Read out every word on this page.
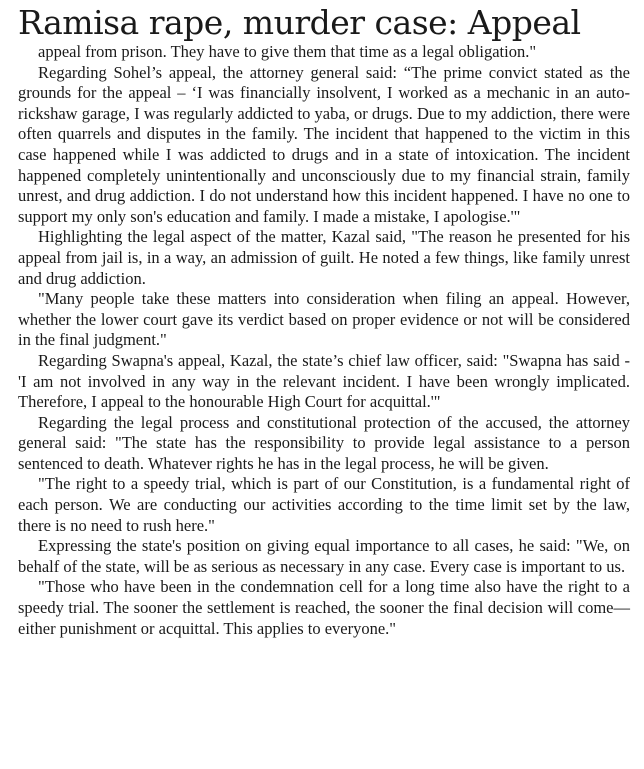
Ramisa rape, murder case: Appeal

appeal from prison. They have to give them that time as a legal obligation."

Regarding Sohel’s appeal, the attorney general said: “The prime convict stated as the grounds for the appeal – ‘I was financially insolvent, I worked as a mechanic in an auto-rickshaw garage, I was regularly addicted to yaba, or drugs. Due to my addiction, there were often quarrels and disputes in the family. The incident that happened to the victim in this case happened while I was addicted to drugs and in a state of intoxication. The incident happened completely unintentionally and unconsciously due to my financial strain, family unrest, and drug addiction. I do not understand how this incident happened. I have no one to support my only son's education and family. I made a mistake, I apologise.'"

Highlighting the legal aspect of the matter, Kazal said, "The reason he presented for his appeal from jail is, in a way, an admission of guilt. He noted a few things, like family unrest and drug addiction.

"Many people take these matters into consideration when filing an appeal. However, whether the lower court gave its verdict based on proper evidence or not will be considered in the final judgment."

Regarding Swapna's appeal, Kazal, the state’s chief law officer, said: "Swapna has said - 'I am not involved in any way in the relevant incident. I have been wrongly implicated. Therefore, I appeal to the honourable High Court for acquittal.'"

Regarding the legal process and constitutional protection of the accused, the attorney general said: "The state has the responsibility to provide legal assistance to a person sentenced to death. Whatever rights he has in the legal process, he will be given.

"The right to a speedy trial, which is part of our Constitution, is a fundamental right of each person. We are conducting our activities according to the time limit set by the law, there is no need to rush here."

Expressing the state's position on giving equal importance to all cases, he said: "We, on behalf of the state, will be as serious as necessary in any case. Every case is important to us.

"Those who have been in the condemnation cell for a long time also have the right to a speedy trial. The sooner the settlement is reached, the sooner the final decision will come—either punishment or acquittal. This applies to everyone."
